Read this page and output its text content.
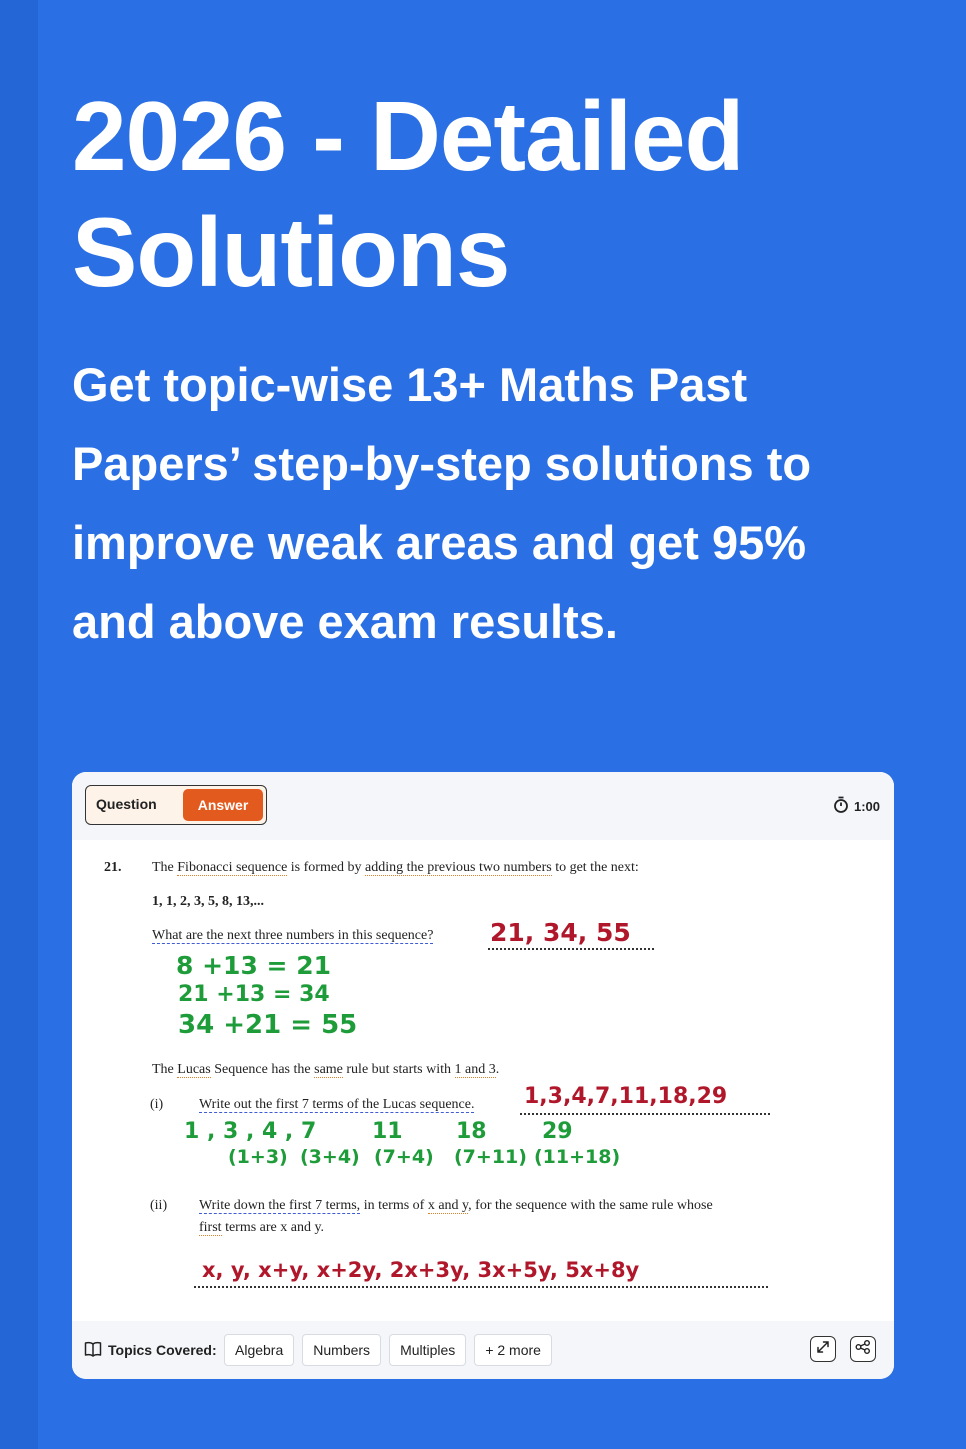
2026 - Detailed Solutions

Get topic-wise 13+ Maths Past Papers’ step-by-step solutions to improve weak areas and get 95% and above exam results.

Question	Answer	1:00
21. The Fibonacci sequence is formed by adding the previous two numbers to get the next:
1, 1, 2, 3, 5, 8, 13,...
What are the next three numbers in this sequence? 21, 34, 55
8 +13 = 21
21 +13 = 34
34 +21 = 55
The Lucas Sequence has the same rule but starts with 1 and 3.
(i)	Write out the first 7 terms of the Lucas sequence. 1,3,4,7,11,18,29
1 , 3 , 4 , 7	11 18	29
(1+3) (3+4) (7+4) (7+11) (11+18)
(ii) Write down the first 7 terms, in terms of x and y, for the sequence with the same rule whose
first terms are x and y.
x, y, x+y, x+2y, 2x+3y, 3x+5y, 5x+8y
Topics Covered:	Algebra	Numbers	Multiples	+ 2 more
